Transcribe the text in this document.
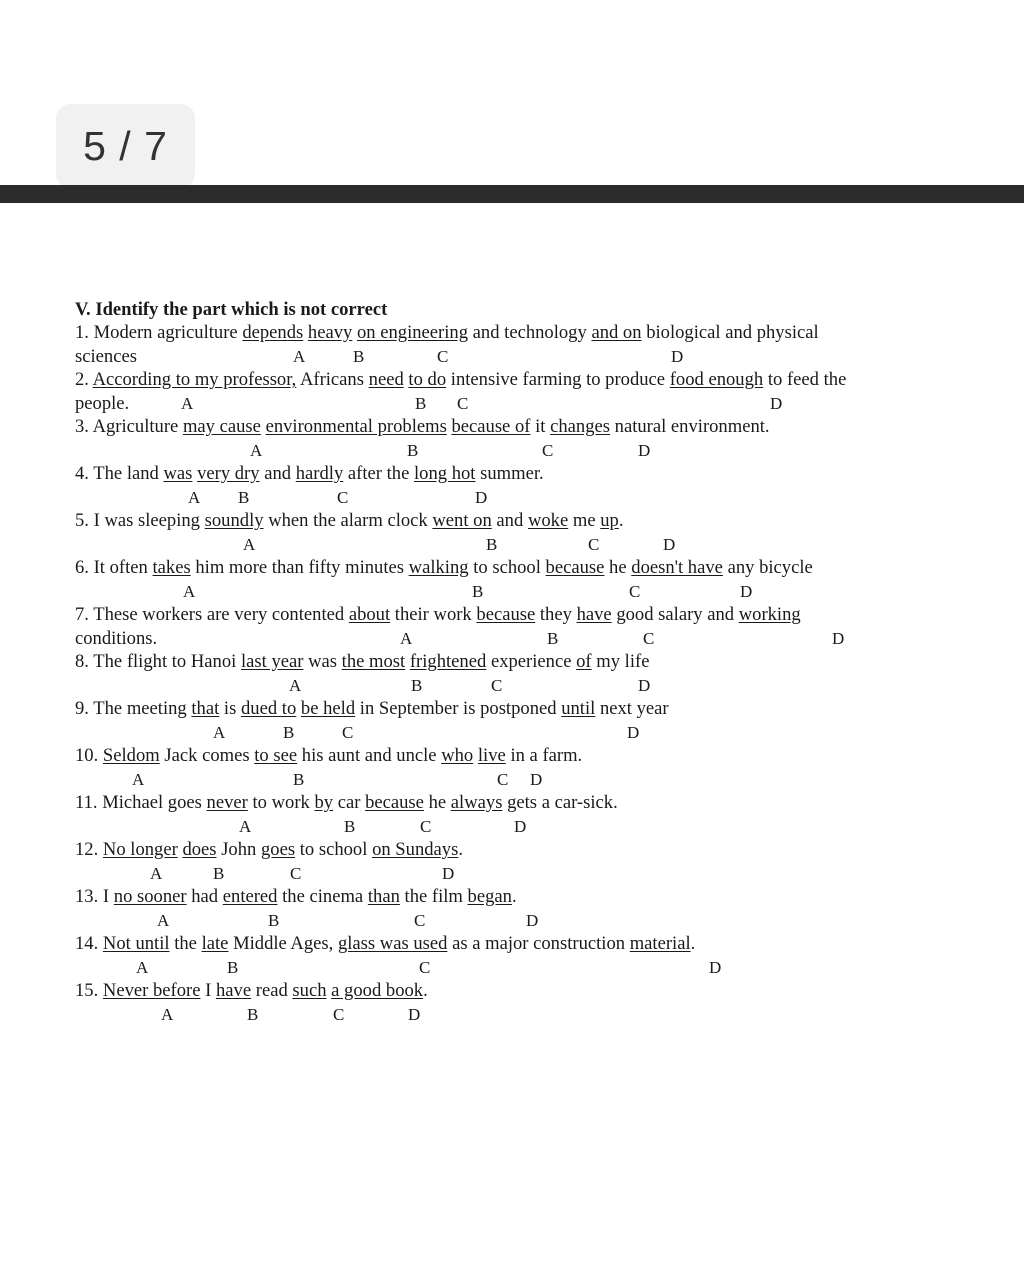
5 / 7
V. Identify the part which is not correct
1. Modern agriculture depends heavy on engineering and technology and on biological and physical
sciences	A	B	C	D
2. According to my professor, Africans need to do intensive farming to produce food enough to feed the
people.	A	B C	D
3. Agriculture may cause environmental problems because of it changes natural environment.
A	B	C	D
4. The land was very dry and hardly after the long hot summer.
A B	C	D
5. I was sleeping soundly when the alarm clock went on and woke me up.
A	B	C	D
6. It often takes him more than fifty minutes walking to school because he doesn't have any bicycle
A	B	C	D
7. These workers are very contented about their work because they have good salary and working
conditions.	A	B	C	D
8. The flight to Hanoi last year was the most frightened experience of my life
A	B	C	D
9. The meeting that is dued to be held in September is postponed until next year
A	B	C	D
10. Seldom Jack comes to see his aunt and uncle who live in a farm.
A	B	C D
11. Michael goes never to work by car because he always gets a car-sick.
A	B	C	D
12. No longer does John goes to school on Sundays.
A	B	C	D
13. I no sooner had entered the cinema than the film began.
A	B	C	D
14. Not until the late Middle Ages, glass was used as a major construction material.
A	B	C	D
15. Never before I have read such a good book.
A	B	C	D
